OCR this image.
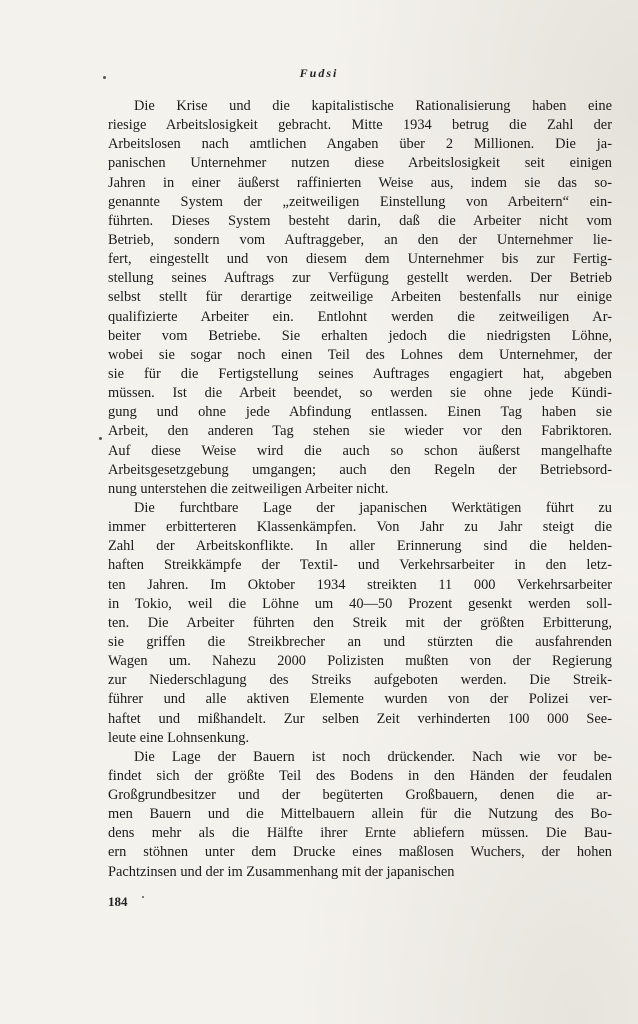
Fudsi
Die Krise und die kapitalistische Rationalisierung haben eine
riesige Arbeitslosigkeit gebracht. Mitte 1934 betrug die Zahl der
Arbeitslosen nach amtlichen Angaben über 2 Millionen. Die ja-
panischen Unternehmer nutzen diese Arbeitslosigkeit seit einigen
Jahren in einer äußerst raffinierten Weise aus, indem sie das so-
genannte System der „zeitweiligen Einstellung von Arbeitern“ ein-
führten. Dieses System besteht darin, daß die Arbeiter nicht vom
Betrieb, sondern vom Auftraggeber, an den der Unternehmer lie-
fert, eingestellt und von diesem dem Unternehmer bis zur Fertig-
stellung seines Auftrags zur Verfügung gestellt werden. Der Betrieb
selbst stellt für derartige zeitweilige Arbeiten bestenfalls nur einige
qualifizierte Arbeiter ein. Entlohnt werden die zeitweiligen Ar-
beiter vom Betriebe. Sie erhalten jedoch die niedrigsten Löhne,
wobei sie sogar noch einen Teil des Lohnes dem Unternehmer, der
sie für die Fertigstellung seines Auftrages engagiert hat, abgeben
müssen. Ist die Arbeit beendet, so werden sie ohne jede Kündi-
gung und ohne jede Abfindung entlassen. Einen Tag haben sie
Arbeit, den anderen Tag stehen sie wieder vor den Fabriktoren.
Auf diese Weise wird die auch so schon äußerst mangelhafte
Arbeitsgesetzgebung umgangen; auch den Regeln der Betriebsord-
nung unterstehen die zeitweiligen Arbeiter nicht.
Die furchtbare Lage der japanischen Werktätigen führt zu
immer erbitterteren Klassenkämpfen. Von Jahr zu Jahr steigt die
Zahl der Arbeitskonflikte. In aller Erinnerung sind die helden-
haften Streikkämpfe der Textil- und Verkehrsarbeiter in den letz-
ten Jahren. Im Oktober 1934 streikten 11 000 Verkehrsarbeiter
in Tokio, weil die Löhne um 40—50 Prozent gesenkt werden soll-
ten. Die Arbeiter führten den Streik mit der größten Erbitterung,
sie griffen die Streikbrecher an und stürzten die ausfahrenden
Wagen um. Nahezu 2000 Polizisten mußten von der Regierung
zur Niederschlagung des Streiks aufgeboten werden. Die Streik-
führer und alle aktiven Elemente wurden von der Polizei ver-
haftet und mißhandelt. Zur selben Zeit verhinderten 100 000 See-
leute eine Lohnsenkung.
Die Lage der Bauern ist noch drückender. Nach wie vor be-
findet sich der größte Teil des Bodens in den Händen der feudalen
Großgrundbesitzer und der begüterten Großbauern, denen die ar-
men Bauern und die Mittelbauern allein für die Nutzung des Bo-
dens mehr als die Hälfte ihrer Ernte abliefern müssen. Die Bau-
ern stöhnen unter dem Drucke eines maßlosen Wuchers, der hohen
Pachtzinsen und der im Zusammenhang mit der japanischen
184
